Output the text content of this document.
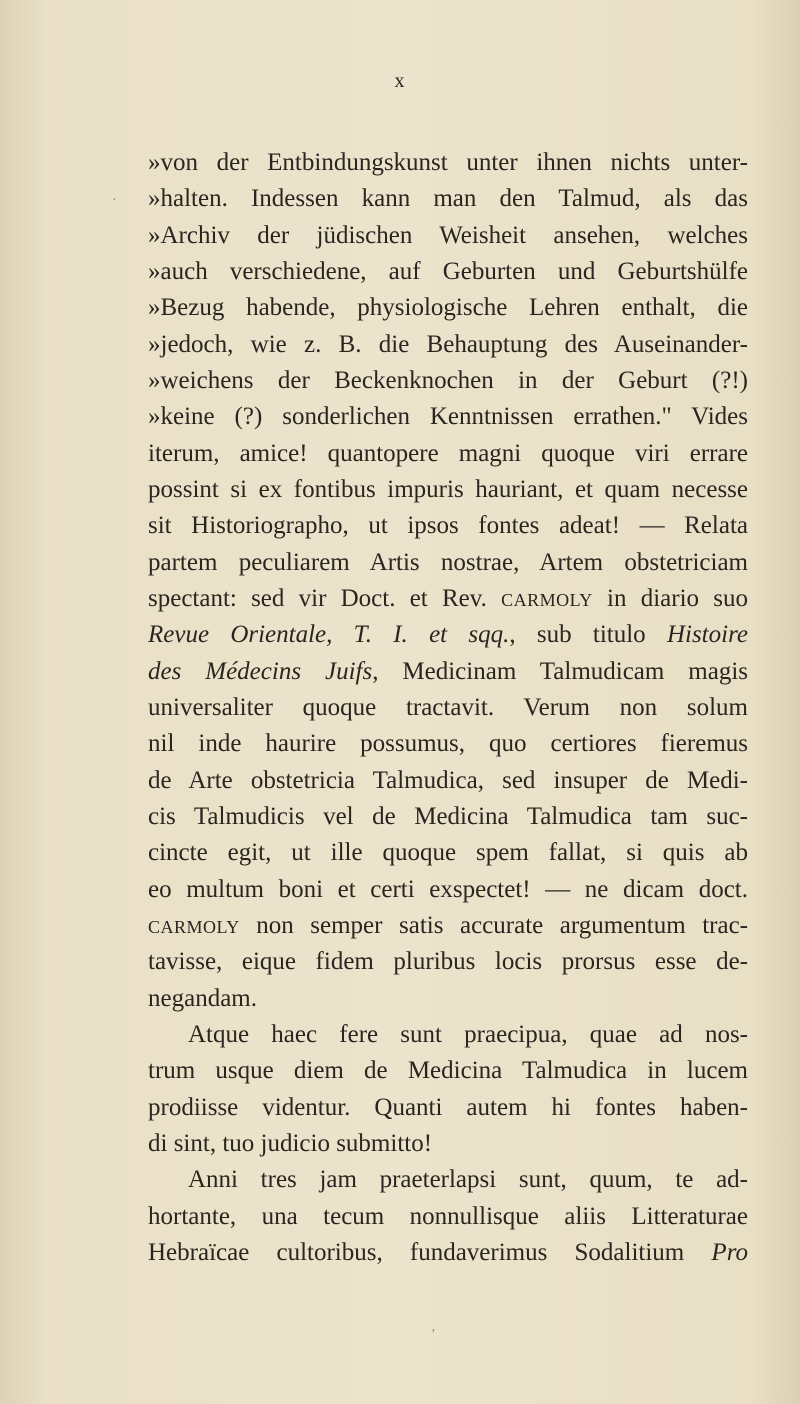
x
»von der Entbindungskunst unter ihnen nichts unter-
»halten. Indessen kann man den Talmud, als das
»Archiv der jüdischen Weisheit ansehen, welches
»auch verschiedene, auf Geburten und Geburtshülfe
»Bezug habende, physiologische Lehren enthalt, die
»jedoch, wie z. B. die Behauptung des Auseinander-
»weichens der Beckenknochen in der Geburt (?!)
»keine (?) sonderlichen Kenntnissen errathen." Vides
iterum, amice! quantopere magni quoque viri errare
possint si ex fontibus impuris hauriant, et quam necesse
sit Historiographo, ut ipsos fontes adeat! — Relata
partem peculiarem Artis nostrae, Artem obstetriciam
spectant: sed vir Doct. et Rev. carmoly in diario suo
Revue Orientale, T. I. et sqq., sub titulo Histoire
des Médecins Juifs, Medicinam Talmudicam magis
universaliter quoque tractavit. Verum non solum
nil inde haurire possumus, quo certiores fieremus
de Arte obstetricia Talmudica, sed insuper de Medi-
cis Talmudicis vel de Medicina Talmudica tam suc-
cincte egit, ut ille quoque spem fallat, si quis ab
eo multum boni et certi exspectet! — ne dicam doct.
carmoly non semper satis accurate argumentum trac-
tavisse, eique fidem pluribus locis prorsus esse de-
negandam.
Atque haec fere sunt praecipua, quae ad nos-
trum usque diem de Medicina Talmudica in lucem
prodiisse videntur. Quanti autem hi fontes haben-
di sint, tuo judicio submitto!
Anni tres jam praeterlapsi sunt, quum, te ad-
hortante, una tecum nonnullisque aliis Litteraturae
Hebraïcae cultoribus, fundaverimus Sodalitium Pro
·
ʼ
